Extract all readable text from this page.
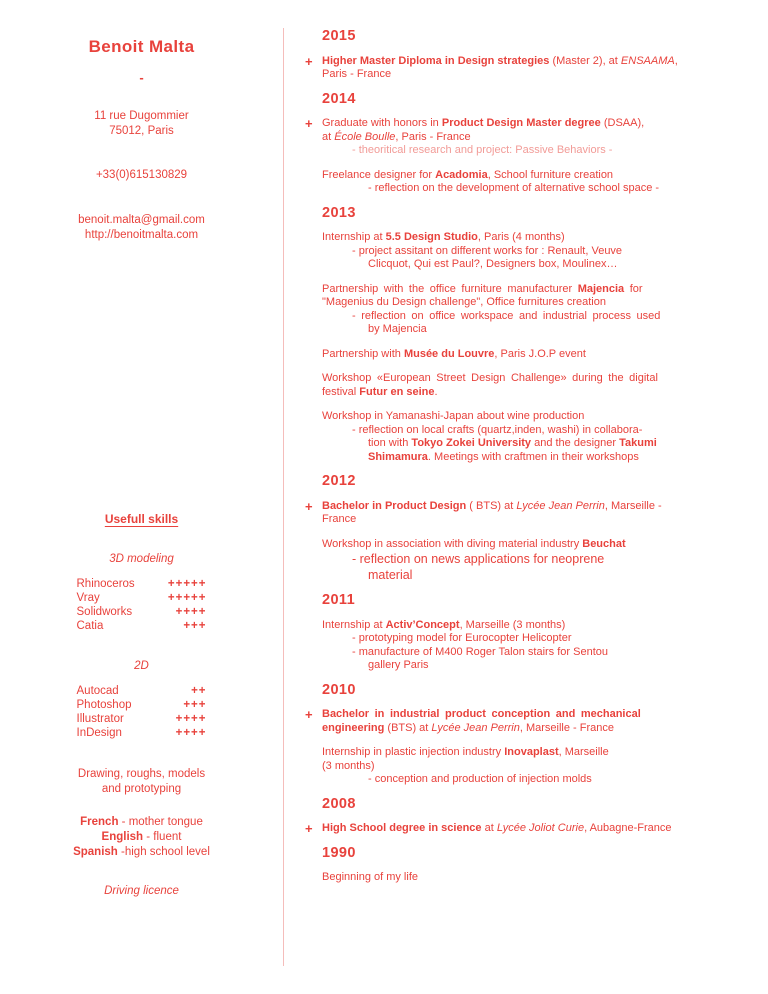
Benoit Malta
-
11 rue Dugommier
75012, Paris
+33(0)615130829
benoit.malta@gmail.com
http://benoitmalta.com
Usefull skills
3D modeling
Rhinoceros	+++++
Vray	+++++
Solidworks	++++
Catia	+++
2D
Autocad	++
Photoshop	+++
Illustrator	++++
InDesign	++++
Drawing, roughs, models
and prototyping
French - mother tongue
English - fluent
Spanish -high school level
Driving licence
2015
+ Higher Master Diploma in Design strategies (Master 2), at ENSAAMA,
Paris - France
2014
+ Graduate with honors in Product Design Master degree (DSAA),
at École Boulle, Paris - France
- theoritical research and project: Passive Behaviors -
Freelance designer for Acadomia, School furniture creation
- reflection on the development of alternative school space -
2013
Internship at 5.5 Design Studio, Paris (4 months)
- project assitant on different works for : Renault, Veuve
Clicquot, Qui est Paul?, Designers box, Moulinex…
Partnership with the office furniture manufacturer Majencia for
"Magenius du Design challenge", Office furnitures creation
- reflection on office workspace and industrial process used
by Majencia
Partnership with Musée du Louvre, Paris J.O.P event
Workshop «European Street Design Challenge» during the digital
festival Futur en seine.
Workshop in Yamanashi-Japan about wine production
- reflection on local crafts (quartz,inden, washi) in collabora-
tion with Tokyo Zokei University and the designer Takumi
Shimamura. Meetings with craftmen in their workshops
2012
+ Bachelor in Product Design ( BTS) at Lycée Jean Perrin, Marseille -
France
Workshop in association with diving material industry Beuchat
- reflection on news applications for neoprene
material
2011
Internship at Activ’Concept, Marseille (3 months)
- prototyping model for Eurocopter Helicopter
- manufacture of M400 Roger Talon stairs for Sentou
gallery Paris
2010
+ Bachelor in industrial product conception and mechanical
engineering (BTS) at Lycée Jean Perrin, Marseille - France
Internship in plastic injection industry Inovaplast, Marseille
(3 months)
- conception and production of injection molds
2008
+ High School degree in science at Lycée Joliot Curie, Aubagne-France
1990
Beginning of my life
